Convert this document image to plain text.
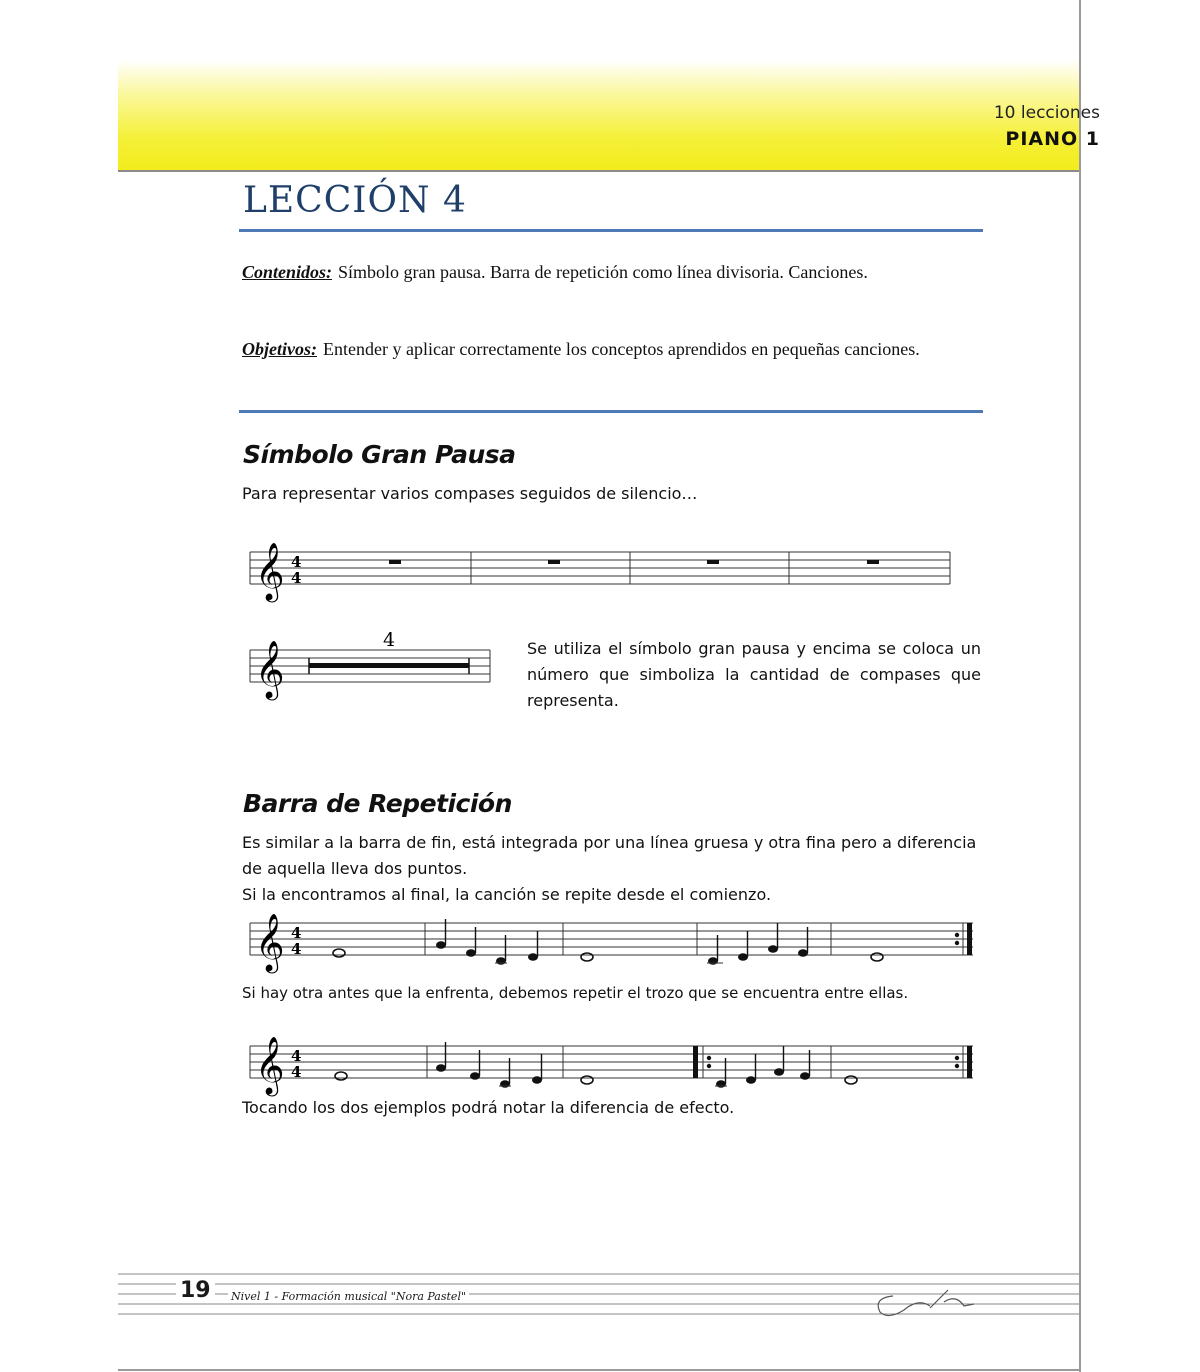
10 lecciones
PIANO 1
LECCIÓN 4
Contenidos: Símbolo gran pausa. Barra de repetición como línea divisoria. Canciones.
Objetivos: Entender y aplicar correctamente los conceptos aprendidos en pequeñas canciones.
Símbolo Gran Pausa
Para representar varios compases seguidos de silencio…
𝄞 4
4
𝄞	4	Se utiliza el símbolo gran pausa y encima se coloca un número que simboliza la cantidad de compases que representa.
Barra de Repetición
Es similar a la barra de fin, está integrada por una línea gruesa y otra fina pero a diferencia de aquella lleva dos puntos.
Si la encontramos al final, la canción se repite desde el comienzo.
𝄞 4
4
Si hay otra antes que la enfrenta, debemos repetir el trozo que se encuentra entre ellas.
𝄞 4
4
Tocando los dos ejemplos podrá notar la diferencia de efecto.
19	Nivel 1 - Formación musical "Nora Pastel"
